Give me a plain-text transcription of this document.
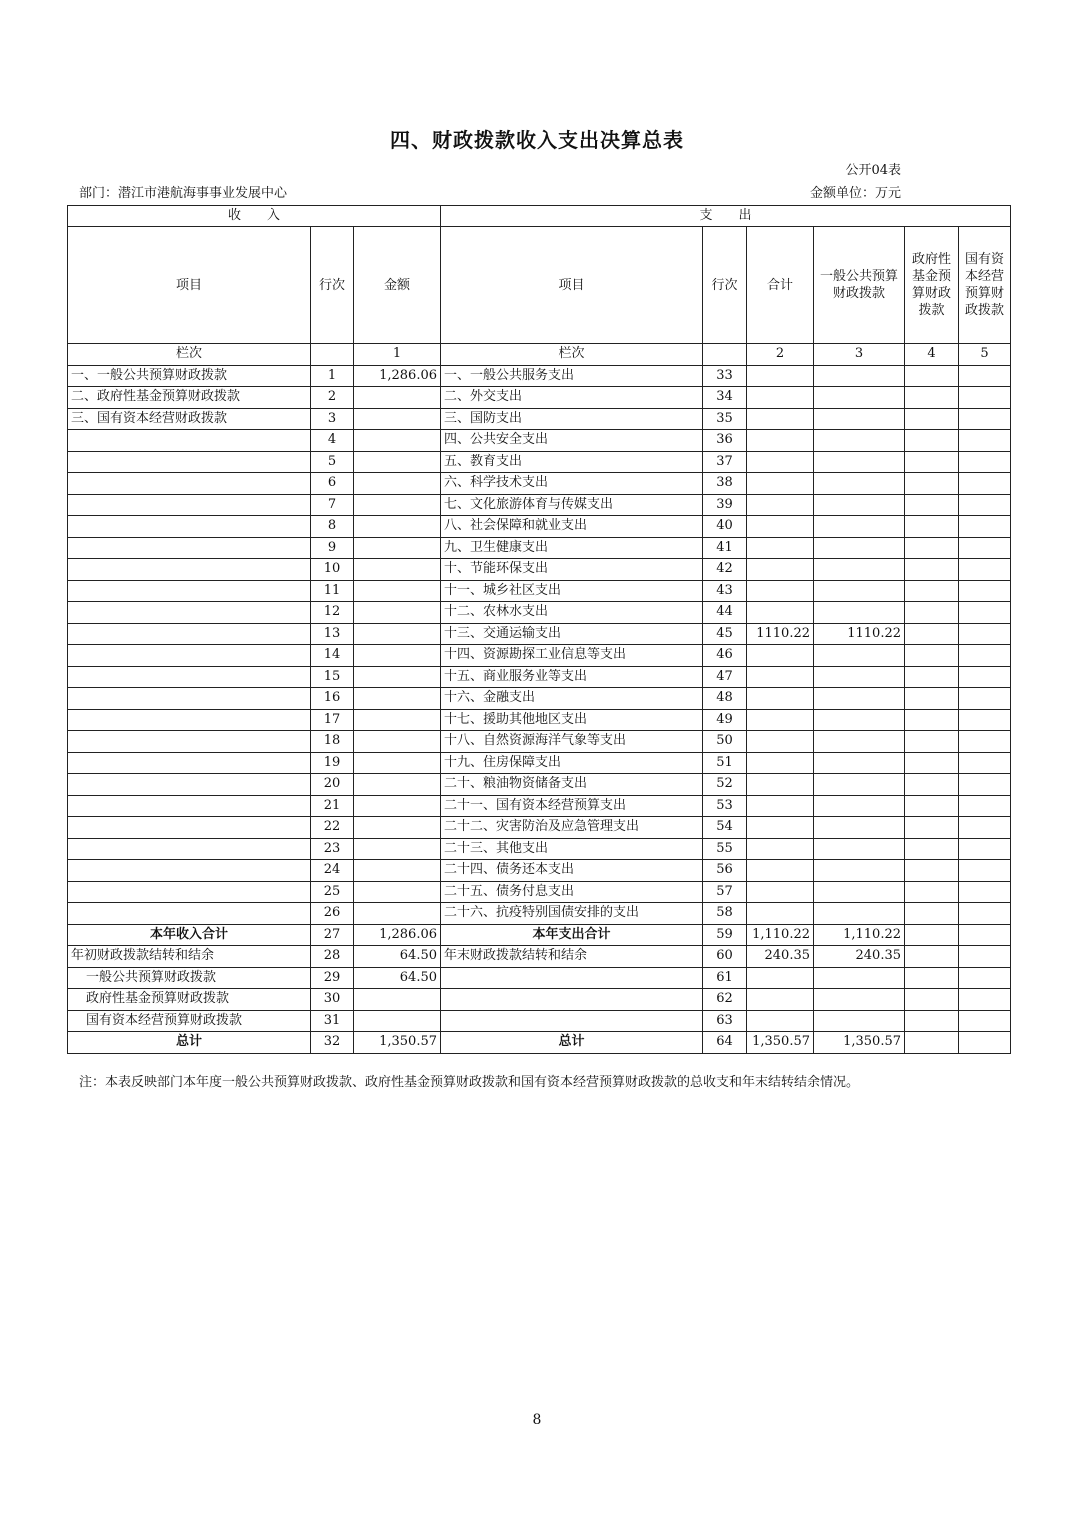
四、财政拨款收入支出决算总表
公开04表
部门：潜江市港航海事事业发展中心	金额单位：万元
收　　入			支　　出					
项目	行次	金额	项目	行次	合计	一般公共预算财政拨款	政府性基金预算财政拨款	国有资本经营预算财政拨款
栏次		1	栏次		2	3	4	5
一、一般公共预算财政拨款	1	1,286.06	一、一般公共服务支出	33				
二、政府性基金预算财政拨款	2		二、外交支出	34				
三、国有资本经营财政拨款	3		三、国防支出	35				
	4		四、公共安全支出	36				
	5		五、教育支出	37				
	6		六、科学技术支出	38				
	7		七、文化旅游体育与传媒支出	39				
	8		八、社会保障和就业支出	40				
	9		九、卫生健康支出	41				
	10		十、节能环保支出	42				
	11		十一、城乡社区支出	43				
	12		十二、农林水支出	44				
	13		十三、交通运输支出	45	1110.22	1110.22		
	14		十四、资源勘探工业信息等支出	46				
	15		十五、商业服务业等支出	47				
	16		十六、金融支出	48				
	17		十七、援助其他地区支出	49				
	18		十八、自然资源海洋气象等支出	50				
	19		十九、住房保障支出	51				
	20		二十、粮油物资储备支出	52				
	21		二十一、国有资本经营预算支出	53				
	22		二十二、灾害防治及应急管理支出	54				
	23		二十三、其他支出	55				
	24		二十四、债务还本支出	56				
	25		二十五、债务付息支出	57				
	26		二十六、抗疫特别国债安排的支出	58				
本年收入合计	27	1,286.06	本年支出合计	59	1,110.22	1,110.22		
年初财政拨款结转和结余	28	64.50	年末财政拨款结转和结余	60	240.35	240.35		
一般公共预算财政拨款	29	64.50		61				
政府性基金预算财政拨款	30			62				
国有资本经营预算财政拨款	31			63				
总计	32	1,350.57	总计	64	1,350.57	1,350.57		
注：本表反映部门本年度一般公共预算财政拨款、政府性基金预算财政拨款和国有资本经营预算财政拨款的总收支和年末结转结余情况。
8
